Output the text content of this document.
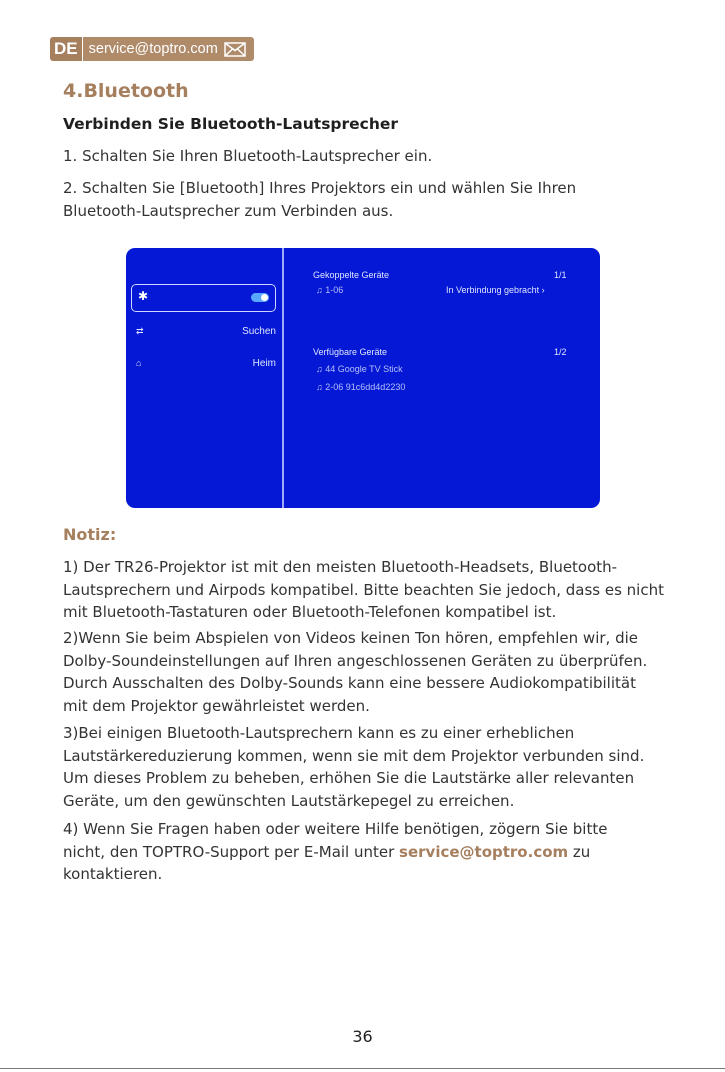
DE service@toptro.com
4.Bluetooth
Verbinden Sie Bluetooth-Lautsprecher

1. Schalten Sie Ihren Bluetooth-Lautsprecher ein.

2. Schalten Sie [Bluetooth] Ihres Projektors ein und wählen Sie Ihren Bluetooth-Lautsprecher zum Verbinden aus.

✱
⇄	Suchen
⌂	Heim
Gekoppelte Geräte	1/1
♫ 1-06	In Verbindung gebracht ›
Verfügbare Geräte	1/2
♫ 44 Google TV Stick
♫ 2-06 91c6dd4d2230
Notiz:

1) Der TR26-Projektor ist mit den meisten Bluetooth-Headsets, Bluetooth-Lautsprechern und Airpods kompatibel. Bitte beachten Sie jedoch, dass es nicht mit Bluetooth-Tastaturen oder Bluetooth-Telefonen kompatibel ist.

2)Wenn Sie beim Abspielen von Videos keinen Ton hören, empfehlen wir, die Dolby-Soundeinstellungen auf Ihren angeschlossenen Geräten zu überprüfen. Durch Ausschalten des Dolby-Sounds kann eine bessere Audiokompatibilität mit dem Projektor gewährleistet werden.

3)Bei einigen Bluetooth-Lautsprechern kann es zu einer erheblichen Lautstärkereduzierung kommen, wenn sie mit dem Projektor verbunden sind. Um dieses Problem zu beheben, erhöhen Sie die Lautstärke aller relevanten Geräte, um den gewünschten Lautstärkepegel zu erreichen.

4) Wenn Sie Fragen haben oder weitere Hilfe benötigen, zögern Sie bitte nicht, den TOPTRO-Support per E-Mail unter service@toptro.com zu kontaktieren.

36
